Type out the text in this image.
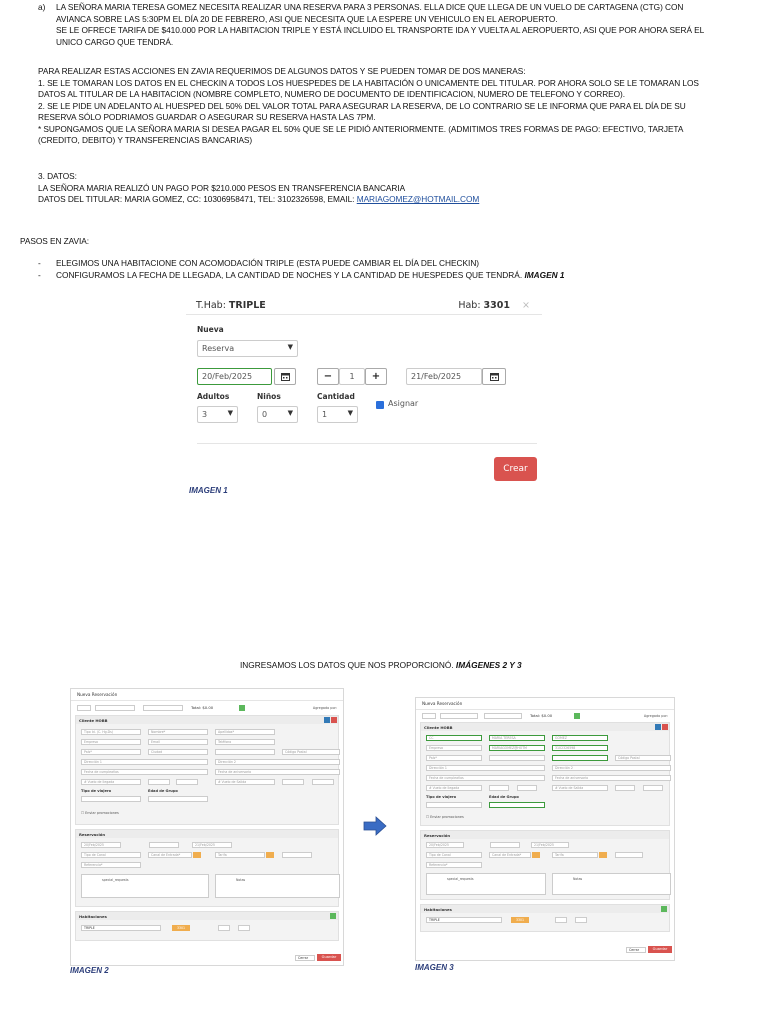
a) LA SEÑORA MARIA TERESA GOMEZ NECESITA REALIZAR UNA RESERVA PARA 3 PERSONAS. ELLA DICE QUE LLEGA DE UN VUELO DE CARTAGENA (CTG) CON
AVIANCA SOBRE LAS 5:30PM EL DÍA 20 DE FEBRERO, ASI QUE NECESITA QUE LA ESPERE UN VEHICULO EN EL AEROPUERTO.
SE LE OFRECE TARIFA DE $410.000 POR LA HABITACION TRIPLE Y ESTÁ INCLUIDO EL TRANSPORTE IDA Y VUELTA AL AEROPUERTO, ASI QUE POR AHORA SERÁ EL
UNICO CARGO QUE TENDRÁ.
PARA REALIZAR ESTAS ACCIONES EN ZAVIA REQUERIMOS DE ALGUNOS DATOS Y SE PUEDEN TOMAR DE DOS MANERAS:
1. SE LE TOMARAN LOS DATOS EN EL CHECKIN A TODOS LOS HUESPEDES DE LA HABITACIÓN O UNICAMENTE DEL TITULAR. POR AHORA SOLO SE LE TOMARAN LOS
DATOS AL TITULAR DE LA HABITACION (NOMBRE COMPLETO, NUMERO DE DOCUMENTO DE IDENTIFICACION, NUMERO DE TELEFONO Y CORREO).
2. SE LE PIDE UN ADELANTO AL HUESPED DEL 50% DEL VALOR TOTAL PARA ASEGURAR LA RESERVA, DE LO CONTRARIO SE LE INFORMA QUE PARA EL DÍA DE SU
RESERVA SÓLO PODRIAMOS GUARDAR O ASEGURAR SU RESERVA HASTA LAS 7PM.
* SUPONGAMOS QUE LA SEÑORA MARIA SI DESEA PAGAR EL 50% QUE SE LE PIDIÓ ANTERIORMENTE. (ADMITIMOS TRES FORMAS DE PAGO: EFECTIVO, TARJETA
(CREDITO, DEBITO) Y TRANSFERENCIAS BANCARIAS)
3. DATOS:
LA SEÑORA MARIA REALIZÓ UN PAGO POR $210.000 PESOS EN TRANSFERENCIA BANCARIA
DATOS DEL TITULAR: MARIA GOMEZ, CC: 10306958471, TEL: 3102326598, EMAIL: MARIAGOMEZ@HOTMAIL.COM
PASOS EN ZAVIA:
- ELEGIMOS UNA HABITACIONE CON ACOMODACIÓN TRIPLE (ESTA PUEDE CAMBIAR EL DÍA DEL CHECKIN)
- CONFIGURAMOS LA FECHA DE LLEGADA, LA CANTIDAD DE NOCHES Y LA CANTIDAD DE HUESPEDES QUE TENDRÁ. IMAGEN 1
T.Hab: TRIPLE	Hab: 3301 ×
Nueva
Reserva	▼
20/Feb/2025	−	1	+	21/Feb/2025
Adultos	Niños	Cantidad
3	▼	0	▼	1	▼
Asignar
Crear
IMAGEN 1
INGRESAMOS LOS DATOS QUE NOS PROPORCIONÓ. IMÁGENES 2 Y 3
Nueva Reservación
Total: $0.00	Agregado por:
Cliente HOBB
Tipo Id. (C. Hg.Ds)	Nombre*	Apellidos*
Empresa	Email	Teléfono
País*	Ciudad	Código Postal
Dirección 1	Dirección 2
Fecha de cumpleaños	Fecha de aniversario
# Vuelo de llegada	# Vuelo de Salida
Tipo de viajero	Edad de Grupo
☐ Enviar promociones
Reservación
20/Feb/2025	21/Feb/2025
Tipo de Canal	Canal de Entrada*	Tarifa
Referencia*
special_requests	Notas
Habitaciones
TRIPLE	3301
Cerrar	Guardar
IMAGEN 2
Nueva Reservación
Total: $0.00	Agregado por:
Cliente HOBB
CC	MARIA TERESA	GOMEZ
Empresa	MARIAGOMEZ@HOTM	3102326598
País*	Código Postal
Dirección 1	Dirección 2
Fecha de cumpleaños	Fecha de aniversario
# Vuelo de llegada	# Vuelo de Salida
Tipo de viajero	Edad de Grupo
☐ Enviar promociones
Reservación
20/Feb/2025	21/Feb/2025
Tipo de Canal	Canal de Entrada*	Tarifa
Referencia*
special_requests	Notas
Habitaciones
TRIPLE	3301
Cerrar	Guardar
IMAGEN 3
